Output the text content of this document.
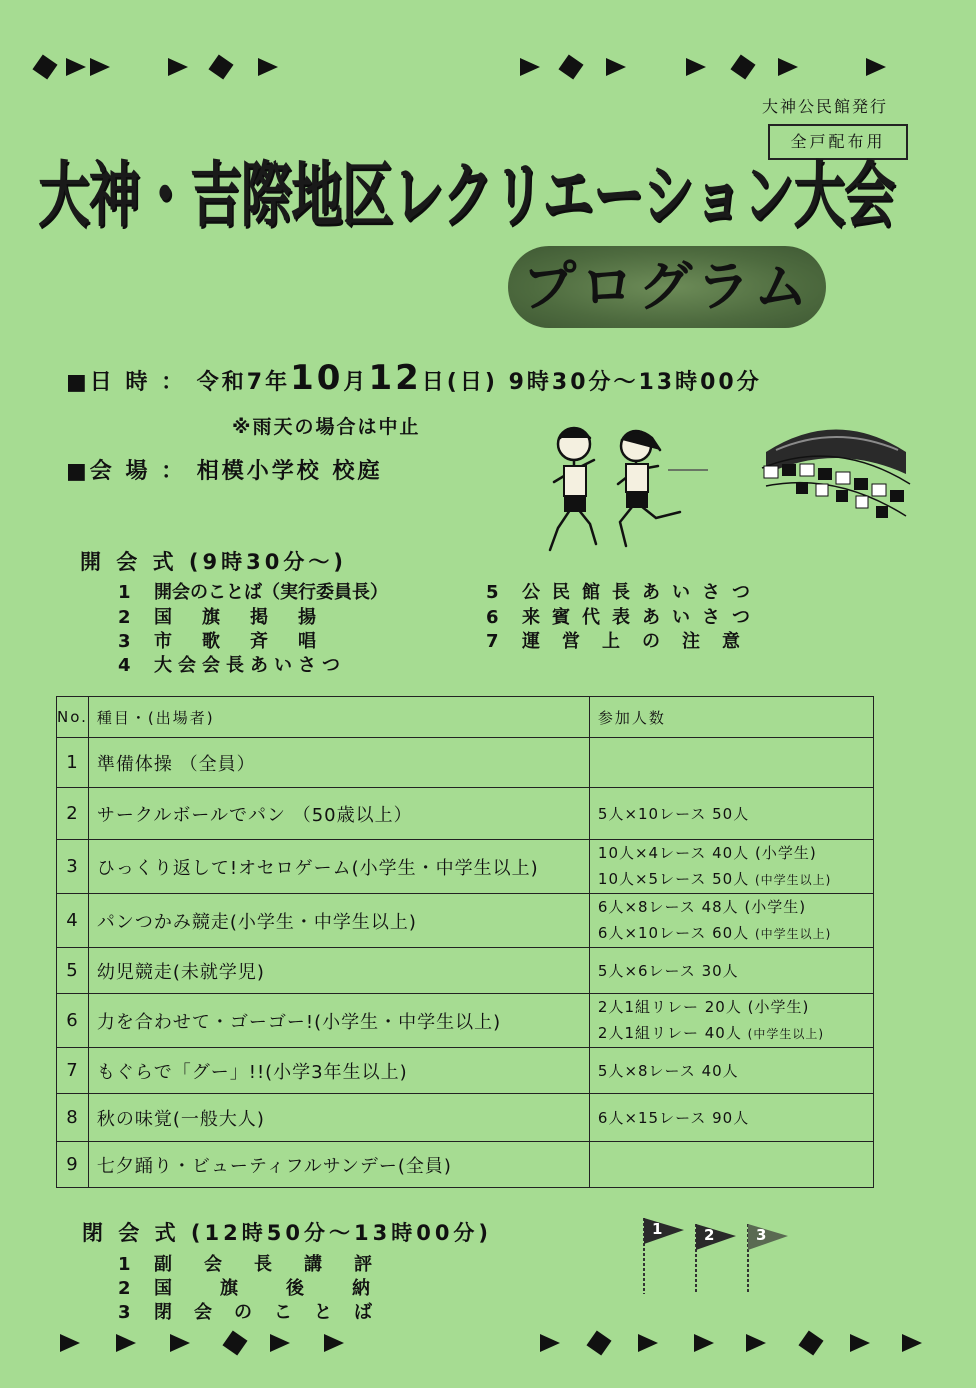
大神公民館発行
全戸配布用
大神・吉際地区レクリエーション大会
プログラム
■日 時 ： 令和7年10月12日(日) 9時30分～13時00分
※雨天の場合は中止
■会 場 ： 相模小学校 校庭
開 会 式 (9時30分～)
1 開会のことば（実行委員長）
2 国　旗　掲　揚
3 市　歌　斉　唱
4 大会会長あいさつ
5 公民館長あいさつ
6 来賓代表あいさつ
7 運　営　上　の　注　意
No.	種目・(出場者)	参加人数
1	準備体操 （全員）	
2	サークルボールでパン （50歳以上）	5人×10レース 50人
3	ひっくり返して!オセロゲーム(小学生・中学生以上)	10人×4レース 40人 (小学生)
10人×5レース 50人 (中学生以上)

4	パンつかみ競走(小学生・中学生以上)	6人×8レース 48人 (小学生)
6人×10レース 60人 (中学生以上)

5	幼児競走(未就学児)	5人×6レース 30人
6	力を合わせて・ゴーゴー!(小学生・中学生以上)	2人1組リレー 20人 (小学生)
2人1組リレー 40人 (中学生以上)

7	もぐらで「グー」!!(小学3年生以上)	5人×8レース 40人
8	秋の味覚(一般大人)	6人×15レース 90人
9	七夕踊り・ビューティフルサンデー(全員)	
閉 会 式 (12時50分～13時00分)
1 副　会　長　講　評
2 国　　旗　　後　　納
3 閉　会　の　こ　と　ば
1	2	3
